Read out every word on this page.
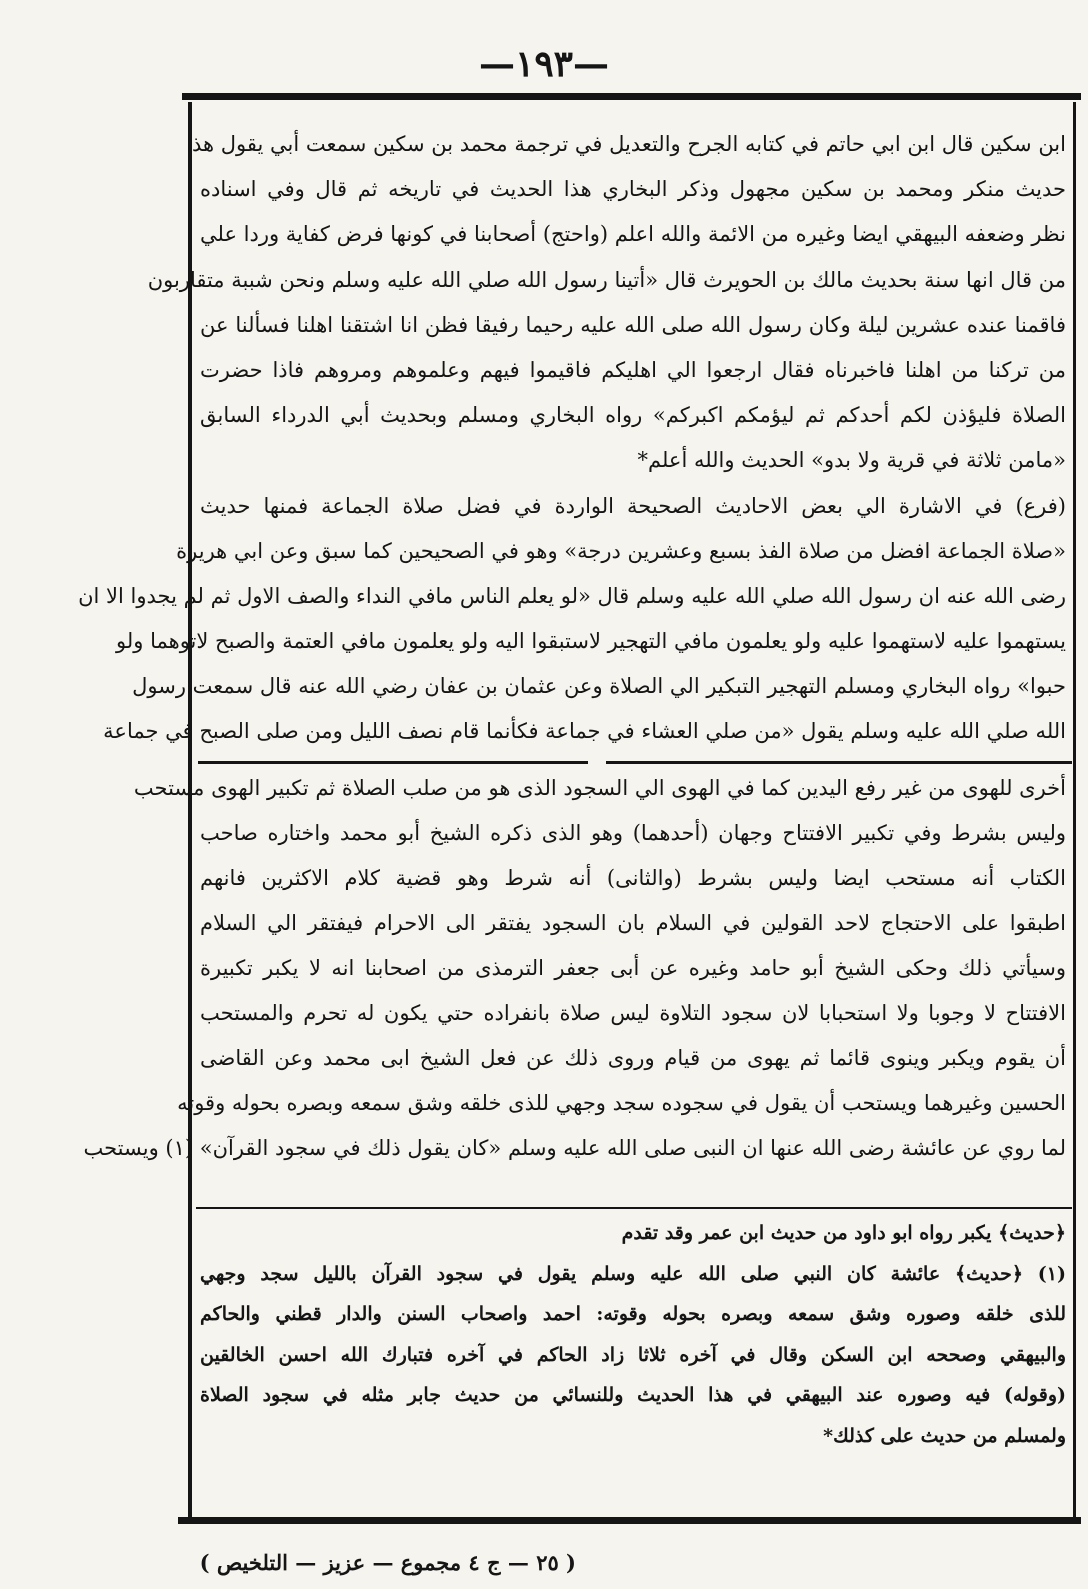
—١٩٣—
ابن سكين قال ابن ابي حاتم في كتابه الجرح والتعديل في ترجمة محمد بن سكين سمعت أبي يقول هذا
حديث منكر ومحمد بن سكين مجهول وذكر البخاري هذا الحديث في تاريخه ثم قال وفي اسناده
نظر وضعفه البيهقي ايضا وغيره من الائمة والله اعلم (واحتج) أصحابنا في كونها فرض كفاية وردا علي
من قال انها سنة بحديث مالك بن الحويرث قال «أتينا رسول الله صلي الله عليه وسلم ونحن شببة متقاربون
فاقمنا عنده عشرين ليلة وكان رسول الله صلى الله عليه رحيما رفيقا فظن انا اشتقنا اهلنا فسألنا عن
من تركنا من اهلنا فاخبرناه فقال ارجعوا الي اهليكم فاقيموا فيهم وعلموهم ومروهم فاذا حضرت
الصلاة فليؤذن لكم أحدكم ثم ليؤمكم اكبركم» رواه البخاري ومسلم وبحديث أبي الدرداء السابق
«مامن ثلاثة في قرية ولا بدو» الحديث والله أعلم*
(فرع) في الاشارة الي بعض الاحاديث الصحيحة الواردة في فضل صلاة الجماعة فمنها حديث
«صلاة الجماعة افضل من صلاة الفذ بسبع وعشرين درجة» وهو في الصحيحين كما سبق وعن ابي هريرة
رضى الله عنه ان رسول الله صلي الله عليه وسلم قال «لو يعلم الناس مافي النداء والصف الاول ثم لم يجدوا الا ان
يستهموا عليه لاستهموا عليه ولو يعلمون مافي التهجير لاستبقوا اليه ولو يعلمون مافي العتمة والصبح لاتوهما ولو
حبوا» رواه البخاري ومسلم التهجير التبكير الي الصلاة وعن عثمان بن عفان رضي الله عنه قال سمعت رسول
الله صلي الله عليه وسلم يقول «من صلي العشاء في جماعة فكأنما قام نصف الليل ومن صلى الصبح في جماعة
أخرى للهوى من غير رفع اليدين كما في الهوى الي السجود الذى هو من صلب الصلاة ثم تكبير الهوى مستحب
وليس بشرط وفي تكبير الافتتاح وجهان (أحدهما) وهو الذى ذكره الشيخ أبو محمد واختاره صاحب
الكتاب أنه مستحب ايضا وليس بشرط (والثانى) أنه شرط وهو قضية كلام الاكثرين فانهم
اطبقوا على الاحتجاج لاحد القولين في السلام بان السجود يفتقر الى الاحرام فيفتقر الي السلام
وسيأتي ذلك وحكى الشيخ أبو حامد وغيره عن أبى جعفر الترمذى من اصحابنا انه لا يكبر تكبيرة
الافتتاح لا وجوبا ولا استحبابا لان سجود التلاوة ليس صلاة بانفراده حتي يكون له تحرم والمستحب
أن يقوم ويكبر وينوى قائما ثم يهوى من قيام وروى ذلك عن فعل الشيخ ابى محمد وعن القاضى
الحسين وغيرهما ويستحب أن يقول في سجوده سجد وجهي للذى خلقه وشق سمعه وبصره بحوله وقوته
لما روي عن عائشة رضى الله عنها ان النبى صلى الله عليه وسلم «كان يقول ذلك في سجود القرآن» (١) ويستحب
﴿حديث﴾ يكبر رواه ابو داود من حديث ابن عمر وقد تقدم
(١) ﴿حديث﴾ عائشة كان النبي صلى الله عليه وسلم يقول في سجود القرآن بالليل سجد وجهي
للذى خلقه وصوره وشق سمعه وبصره بحوله وقوته: احمد واصحاب السنن والدار قطني والحاكم
والبيهقي وصححه ابن السكن وقال في آخره ثلاثا زاد الحاكم في آخره فتبارك الله احسن الخالقين
(وقوله) فيه وصوره عند البيهقي في هذا الحديث وللنسائي من حديث جابر مثله في سجود الصلاة
ولمسلم من حديث على كذلك*
( ٢٥ — ج ٤ مجموع — عزيز — التلخيص )
